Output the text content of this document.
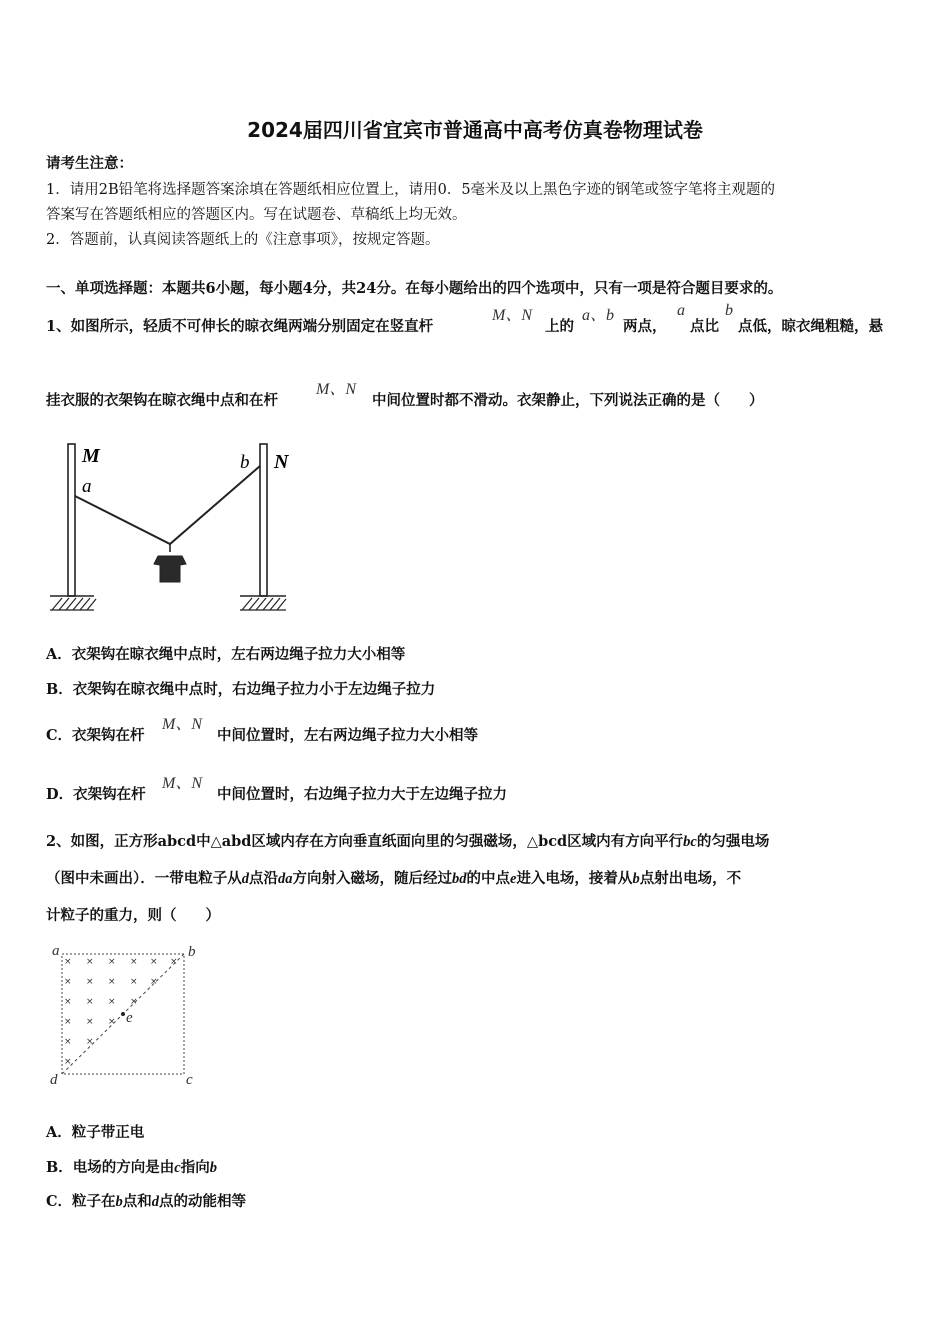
2024届四川省宜宾市普通高中高考仿真卷物理试卷
请考生注意：
1．请用2B铅笔将选择题答案涂填在答题纸相应位置上，请用0．5毫米及以上黑色字迹的钢笔或签字笔将主观题的
答案写在答题纸相应的答题区内。写在试题卷、草稿纸上均无效。
2．答题前，认真阅读答题纸上的《注意事项》，按规定答题。
一、单项选择题：本题共6小题，每小题4分，共24分。在每小题给出的四个选项中，只有一项是符合题目要求的。
1、如图所示，轻质不可伸长的晾衣绳两端分别固定在竖直杆
M、N
上的
a、b
两点，
a
点比
b
点低，晾衣绳粗糙，悬
挂衣服的衣架钩在晾衣绳中点和在杆
M、N
中间位置时都不滑动。衣架静止，下列说法正确的是（　　）
M
a
b N
A．衣架钩在晾衣绳中点时，左右两边绳子拉力大小相等
B．衣架钩在晾衣绳中点时，右边绳子拉力小于左边绳子拉力
C．衣架钩在杆
M、N
中间位置时，左右两边绳子拉力大小相等
D．衣架钩在杆
M、N
中间位置时，右边绳子拉力大于左边绳子拉力
2、如图，正方形abcd中△abd区域内存在方向垂直纸面向里的匀强磁场，△bcd区域内有方向平行bc的匀强电场
（图中未画出）．一带电粒子从d点沿da方向射入磁场，随后经过bd的中点e进入电场，接着从b点射出电场，不
计粒子的重力，则（　　）
× × × × × ×
× × × × ×
× × × ×
× × ×
× ×
×
a	b
c
d
e
A．粒子带正电
B．电场的方向是由c指向b
C．粒子在b点和d点的动能相等
